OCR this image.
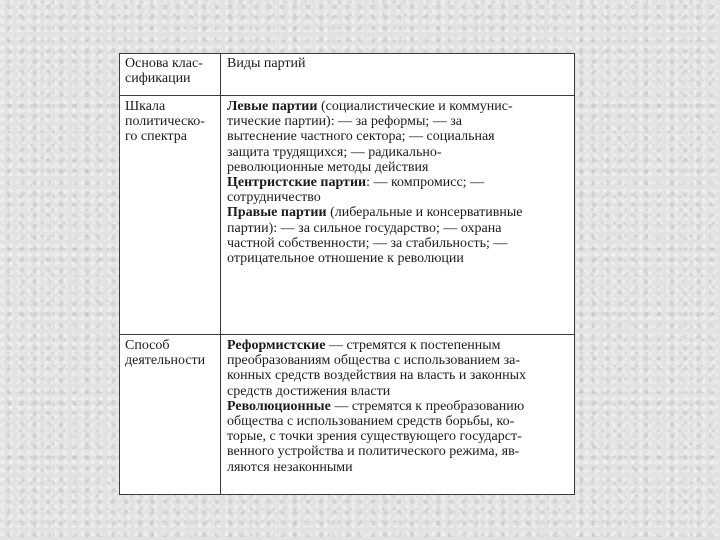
Основа клас-
сификации
Виды партий
Шкала
политическо-
го спектра
Левые партии (социалистические и коммунис-
тические партии): — за реформы; — за
вытеснение частного сектора; — социальная
защита трудящихся; — радикально-
революционные методы действия
Центристские партии: — компромисс; —
сотрудничество
Правые партии (либеральные и консервативные
партии): — за сильное государство; — охрана
частной собственности; — за стабильность; —
отрицательное отношение к революции
Способ
деятельности
Реформистские — стремятся к постепенным
преобразованиям общества с использованием за-
конных средств воздействия на власть и законных
средств достижения власти
Революционные — стремятся к преобразованию
общества с использованием средств борьбы, ко-
торые, с точки зрения существующего государст-
венного устройства и политического режима, яв-
ляются незаконными
